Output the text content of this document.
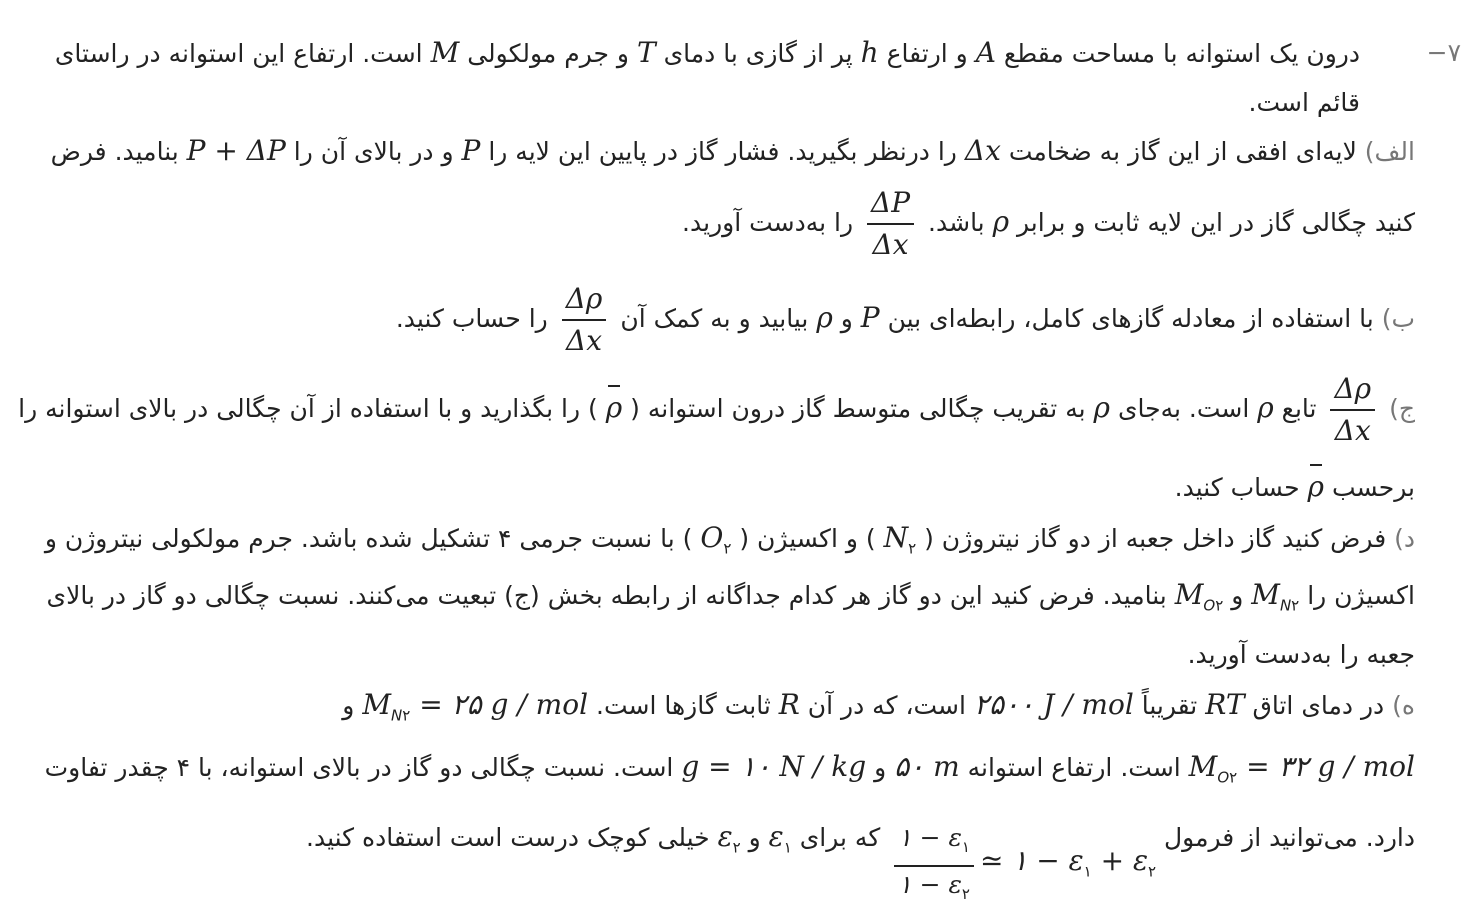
۷−
درون یک استوانه با مساحت مقطع A و ارتفاع h پر از گازی با دمای T و جرم مولکولی M است. ارتفاع این استوانه در راستای
قائم است.
الف) لایه‌ای افقی از این گاز به ضخامت Δx را درنظر بگیرید. فشار گاز در پایین این لایه را P و در بالای آن را P + ΔP بنامید. فرض
کنید چگالی گاز در این لایه ثابت و برابر ρ باشد.
$\frac{\Delta P}{\Delta x}$
را به‌دست آورید.
ب) با استفاده از معادله گازهای کامل، رابطه‌ای بین P و ρ بیابید و به کمک آن
$\frac{\Delta\rho}{\Delta x}$
را حساب کنید.
ج)
$\frac{\Delta\rho}{\Delta x}$
تابع ρ است. به‌جای ρ به تقریب چگالی متوسط گاز درون استوانه ( ρ ) را بگذارید و با استفاده از آن چگالی در بالای استوانه را
برحسب ρ حساب کنید.
د) فرض کنید گاز داخل جعبه از دو گاز نیتروژن ( $N_۲$ ) و اکسیژن ( $O_۲$ ) با نسبت جرمی ۴ تشکیل شده باشد. جرم مولکولی نیتروژن و
اکسیژن را $M_{N۲}$ و $M_{O۲}$ بنامید. فرض کنید این دو گاز هر کدام جداگانه از رابطه بخش (ج) تبعیت می‌کنند. نسبت چگالی دو گاز در بالای
جعبه را به‌دست آورید.
ه) در دمای اتاق RT تقریباً ۲۵۰۰ J / mol است، که در آن R ثابت گازها است. $M_{N۲}$ = ۲۵ g / mol و
$M_{O۲}$ = ۳۲ g / mol است. ارتفاع استوانه ۵۰ m و g = ۱۰ N / kg است. نسبت چگالی دو گاز در بالای استوانه، با ۴ چقدر تفاوت
دارد. می‌توانید از فرمول
$\frac{۱ - \varepsilon_۱}{۱ - \varepsilon_۲}$ ≃ ۱ − $\varepsilon_۱ + \varepsilon_۲$
که برای $\varepsilon_۱$ و $\varepsilon_۲$ خیلی کوچک درست است استفاده کنید.
